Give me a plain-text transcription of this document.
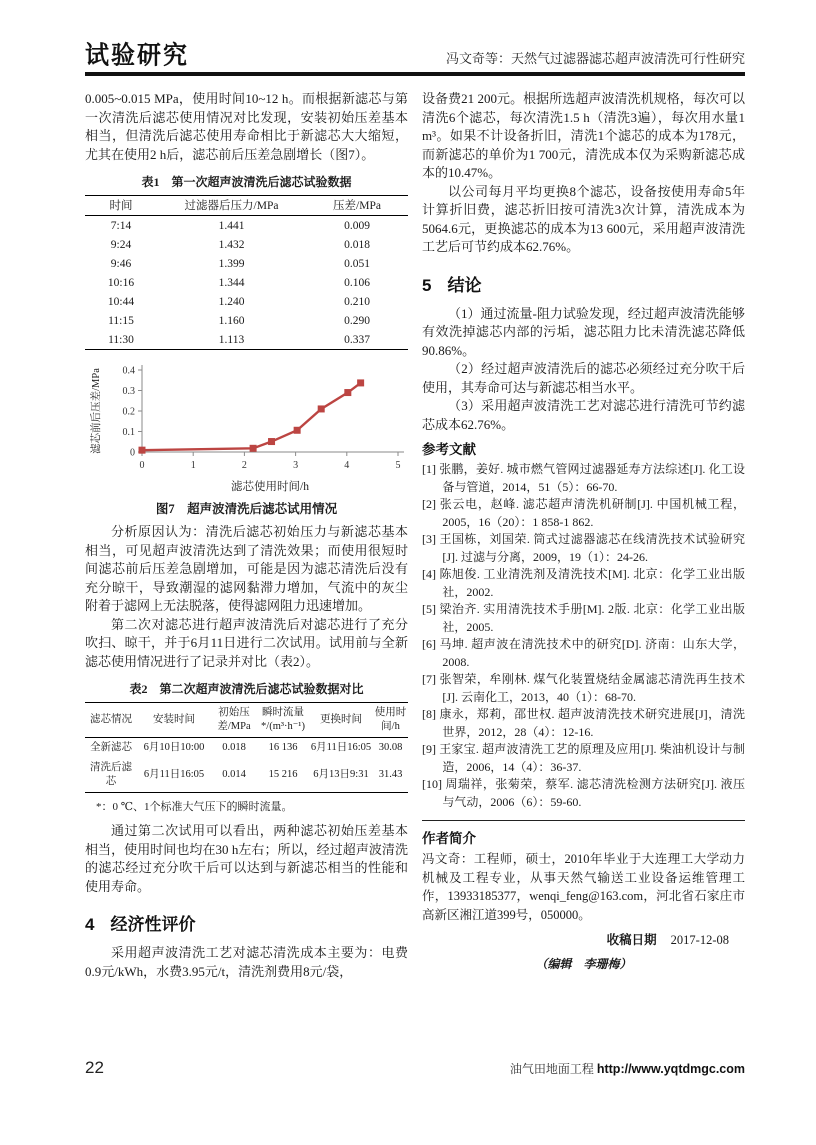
试验研究	冯文奇等：天然气过滤器滤芯超声波清洗可行性研究

0.005~0.015 MPa，使用时间10~12 h。而根据新滤芯与第一次清洗后滤芯使用情况对比发现，安装初始压差基本相当，但清洗后滤芯使用寿命相比于新滤芯大大缩短，尤其在使用2 h后，滤芯前后压差急剧增长（图7）。

表1　第一次超声波清洗后滤芯试验数据
时间	过滤器后压力/MPa	压差/MPa
7:14	1.441	0.009
9:24	1.432	0.018
9:46	1.399	0.051
10:16	1.344	0.106
10:44	1.240	0.210
11:15	1.160	0.290
11:30	1.113	0.337
0
0.1
0.2
0.3
0.4
0	1	2	3	4	5
滤芯使用时间/h
滤芯前后压差/MPa
图7　超声波清洗后滤芯试用情况

分析原因认为：清洗后滤芯初始压力与新滤芯基本相当，可见超声波清洗达到了清洗效果；而使用很短时间滤芯前后压差急剧增加，可能是因为滤芯清洗后没有充分晾干，导致潮湿的滤网黏滞力增加，气流中的灰尘附着于滤网上无法脱落，使得滤网阻力迅速增加。

第二次对滤芯进行超声波清洗后对滤芯进行了充分吹扫、晾干，并于6月11日进行二次试用。试用前与全新滤芯使用情况进行了记录并对比（表2）。

表2　第二次超声波清洗后滤芯试验数据对比
滤芯情况	安装时间	初始压差/MPa	瞬时流量*/(m³·h⁻¹)	更换时间	使用时间/h
全新滤芯	6月10日10:00	0.018	16 136	6月11日16:05	30.08
清洗后滤芯	6月11日16:05	0.014	15 216	6月13日9:31	31.43
*：0 ℃、1个标准大气压下的瞬时流量。

通过第二次试用可以看出，两种滤芯初始压差基本相当，使用时间也均在30 h左右；所以，经过超声波清洗的滤芯经过充分吹干后可以达到与新滤芯相当的性能和使用寿命。

4 经济性评价

采用超声波清洗工艺对滤芯清洗成本主要为：电费0.9元/kWh，水费3.95元/t，清洗剂费用8元/袋，

设备费21 200元。根据所选超声波清洗机规格，每次可以清洗6个滤芯，每次清洗1.5 h（清洗3遍），每次用水量1 m³。如果不计设备折旧，清洗1个滤芯的成本为178元，而新滤芯的单价为1 700元，清洗成本仅为采购新滤芯成本的10.47%。

以公司每月平均更换8个滤芯，设备按使用寿命5年计算折旧费，滤芯折旧按可清洗3次计算，清洗成本为5064.6元，更换滤芯的成本为13 600元，采用超声波清洗工艺后可节约成本62.76%。

5 结论

（1）通过流量-阻力试验发现，经过超声波清洗能够有效洗掉滤芯内部的污垢，滤芯阻力比未清洗滤芯降低90.86%。

（2）经过超声波清洗后的滤芯必须经过充分吹干后使用，其寿命可达与新滤芯相当水平。

（3）采用超声波清洗工艺对滤芯进行清洗可节约滤芯成本62.76%。

参考文献
[1] 张鹏，姜好. 城市燃气管网过滤器延寿方法综述[J]. 化工设备与管道，2014，51（5）：66-70.
[2] 张云电，赵峰. 滤芯超声清洗机研制[J]. 中国机械工程，2005，16（20）：1 858-1 862.
[3] 王国栋，刘国荣. 筒式过滤器滤芯在线清洗技术试验研究[J]. 过滤与分离，2009，19（1）：24-26.
[4] 陈旭俊. 工业清洗剂及清洗技术[M]. 北京：化学工业出版社，2002.
[5] 梁治齐. 实用清洗技术手册[M]. 2版. 北京：化学工业出版社，2005.
[6] 马坤. 超声波在清洗技术中的研究[D]. 济南：山东大学，2008.
[7] 张智荣，牟刚林. 煤气化装置烧结金属滤芯清洗再生技术[J]. 云南化工，2013，40（1）：68-70.
[8] 康永，郑莉，邵世权. 超声波清洗技术研究进展[J]，清洗世界，2012，28（4）：12-16.
[9] 王家宝. 超声波清洗工艺的原理及应用[J]. 柴油机设计与制造，2006，14（4）：36-37.
[10] 周瑞祥，张菊荣，蔡军. 滤芯清洗检测方法研究[J]. 液压与气动，2006（6）：59-60.
作者简介

冯文奇：工程师，硕士，2010年毕业于大连理工大学动力机械及工程专业，从事天然气输送工业设备运维管理工作，13933185377，wenqi_feng@163.com，河北省石家庄市高新区湘江道399号，050000。

收稿日期 2017-12-08
（编辑　李珊梅）
22	油气田地面工程 http://www.yqtdmgc.com
